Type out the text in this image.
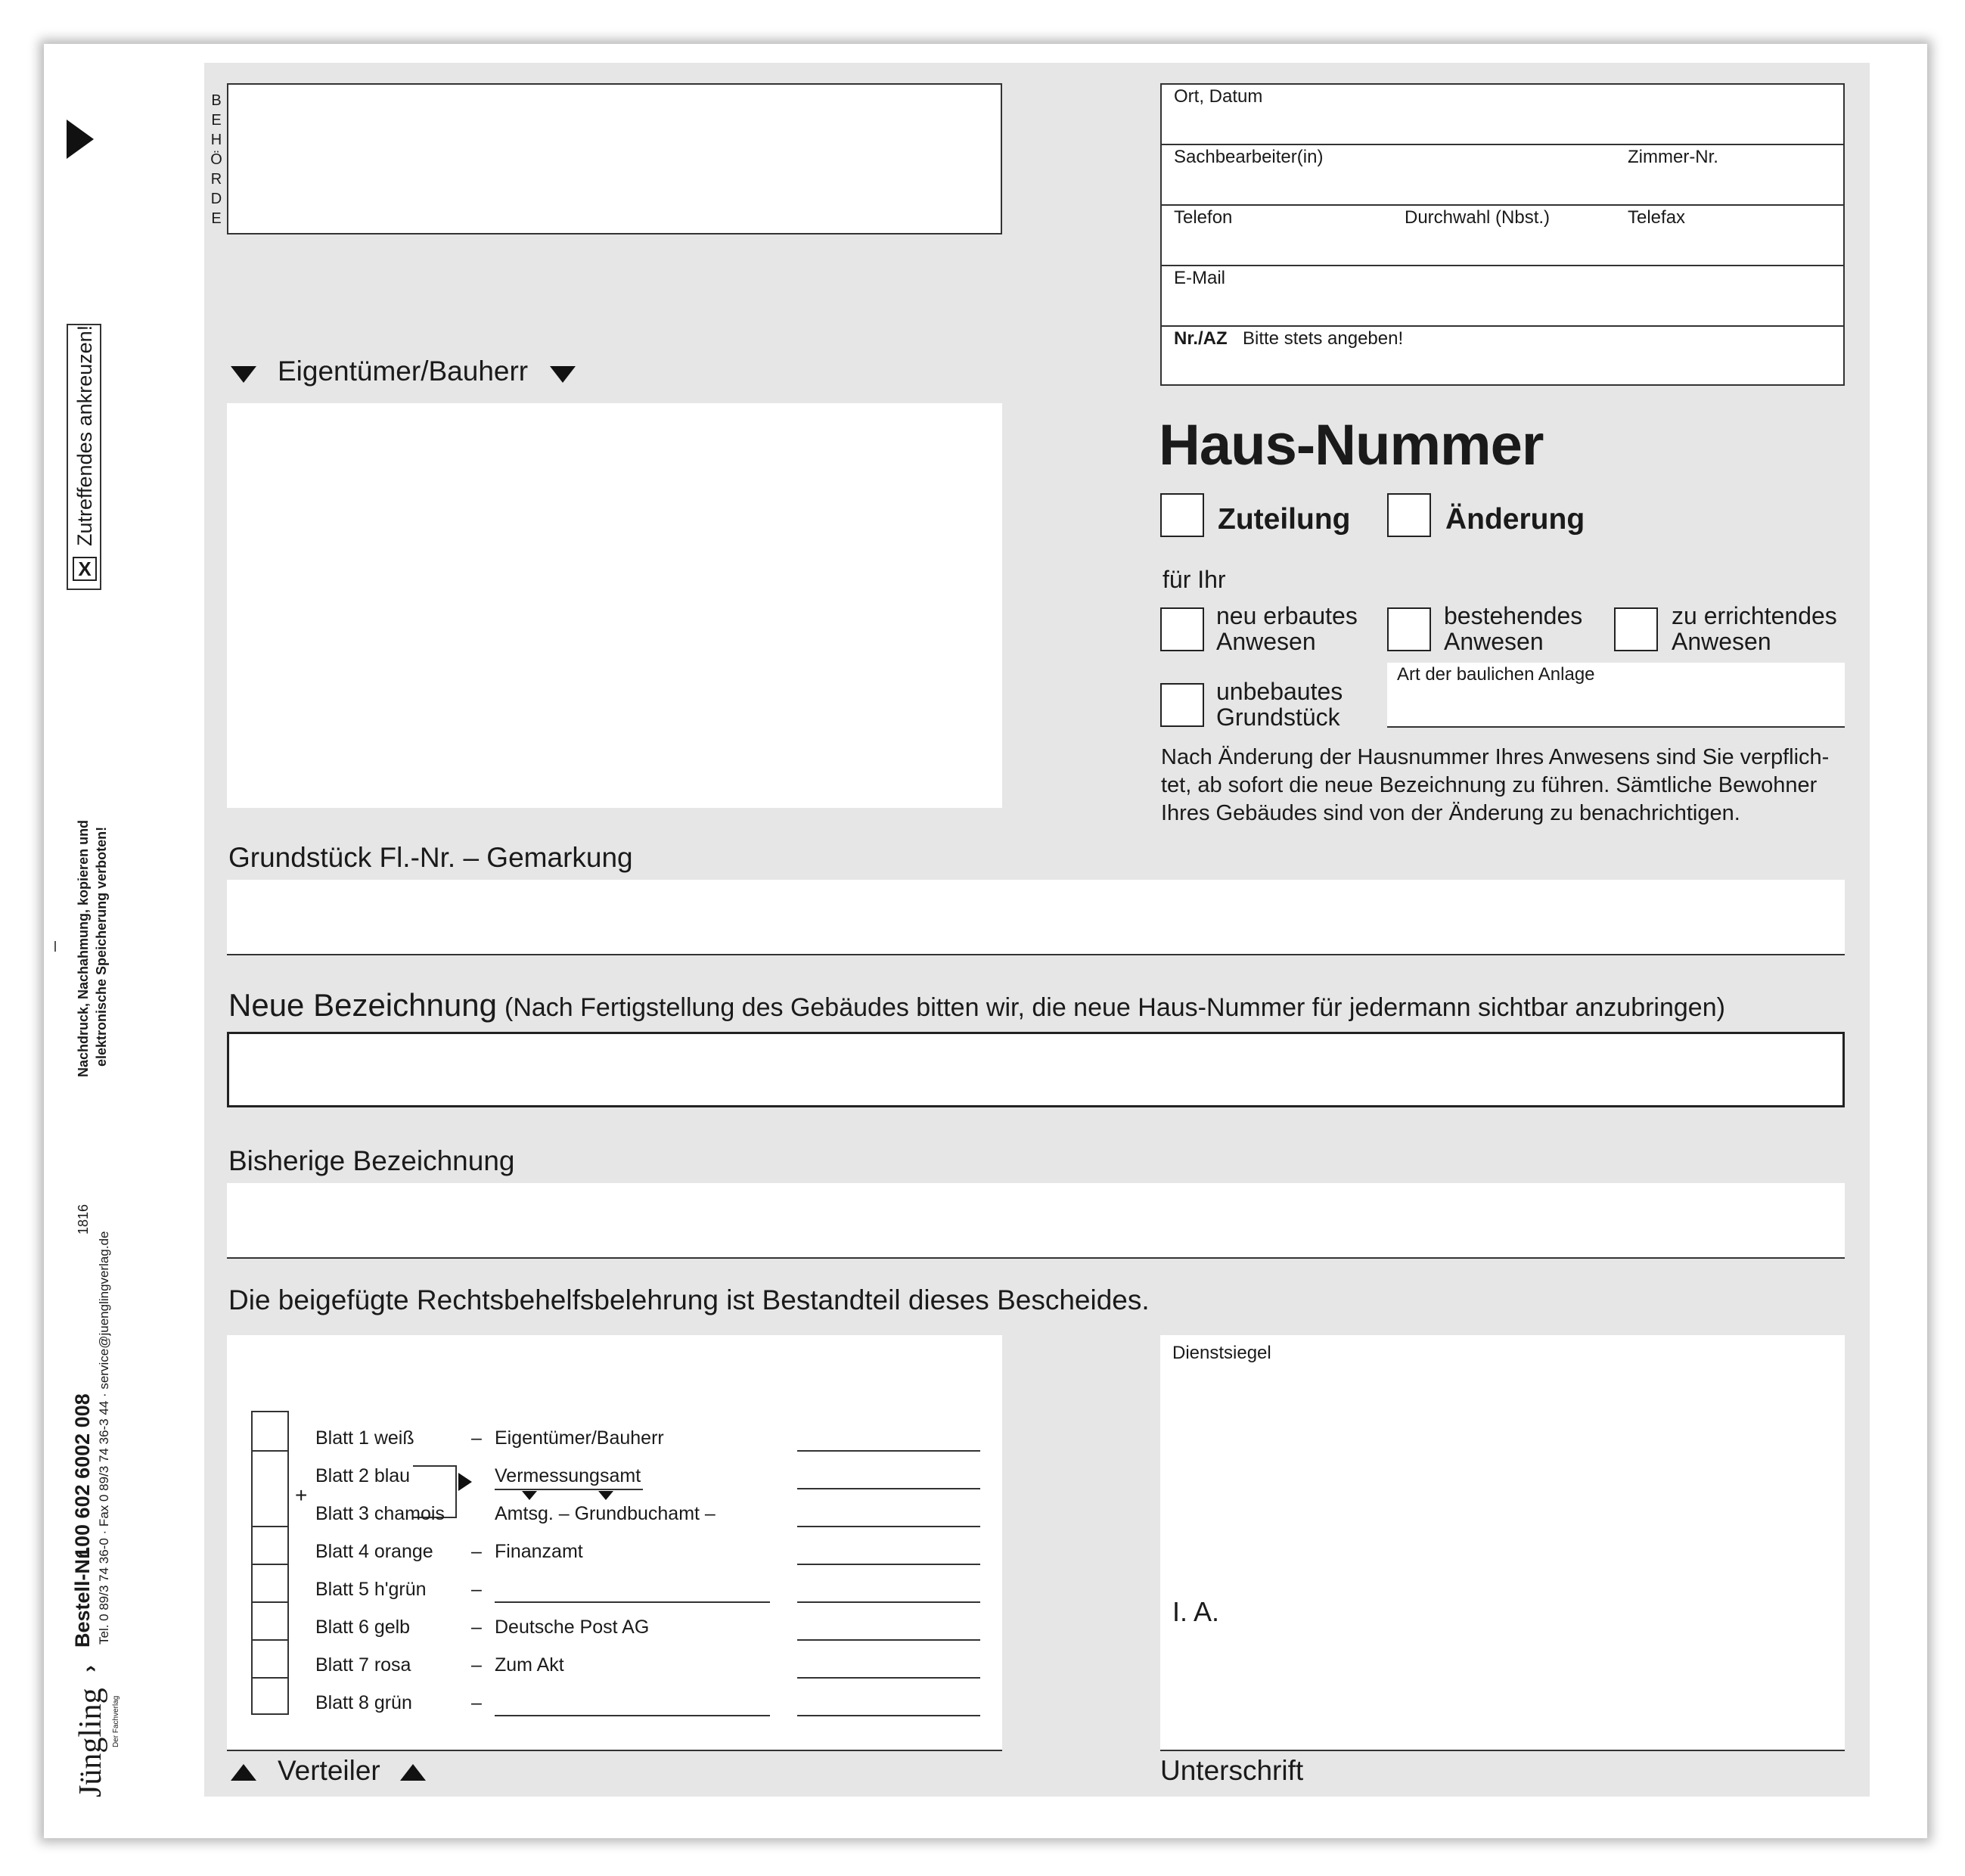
X
Zutreffendes ankreuzen!
Nachdruck, Nachahmung, kopieren und elektronische Speicherung verboten!
1816
Bestell-Nr.
100 602 6002 008 Tel. 0 89/3 74 36-0 · Fax 0 89/3 74 36-3 44 · service@juenglingverlag.de
Jüngling
›
Der Fachverlag
B
E
H
Ö
R
D
E
Eigentümer/Bauherr
Ort, Datum
Sachbearbeiter(in)	Zimmer-Nr.
Telefon	Durchwahl (Nbst.)	Telefax
E-Mail
Nr./AZ Bitte stets angeben!
Haus-Nummer
Zuteilung	Änderung
für Ihr
neu erbautes
Anwesen
bestehendes
Anwesen
zu errichtendes
Anwesen
unbebautes
Grundstück
Art der baulichen Anlage
Nach Änderung der Hausnummer Ihres Anwesens sind Sie verpflich-
tet, ab sofort die neue Bezeichnung zu führen. Sämtliche Bewohner
Ihres Gebäudes sind von der Änderung zu benachrichtigen.
Grundstück Fl.-Nr. – Gemarkung
Neue Bezeichnung (Nach Fertigstellung des Gebäudes bitten wir, die neue Haus-Nummer für jedermann sichtbar anzubringen)
Bisherige Bezeichnung
Die beigefügte Rechtsbehelfsbelehrung ist Bestandteil dieses Bescheides.
+
Blatt 1 weiß	– Eigentümer/Bauherr
Blatt 2 blau	Vermessungsamt
Blatt 3 chamois	Amtsg. – Grundbuchamt –
Blatt 4 orange – Finanzamt
Blatt 5 h'grün –
Blatt 6 gelb	– Deutsche Post AG
Blatt 7 rosa	– Zum Akt
Blatt 8 grün	–
Verteiler
Dienstsiegel
I. A.
Unterschrift
